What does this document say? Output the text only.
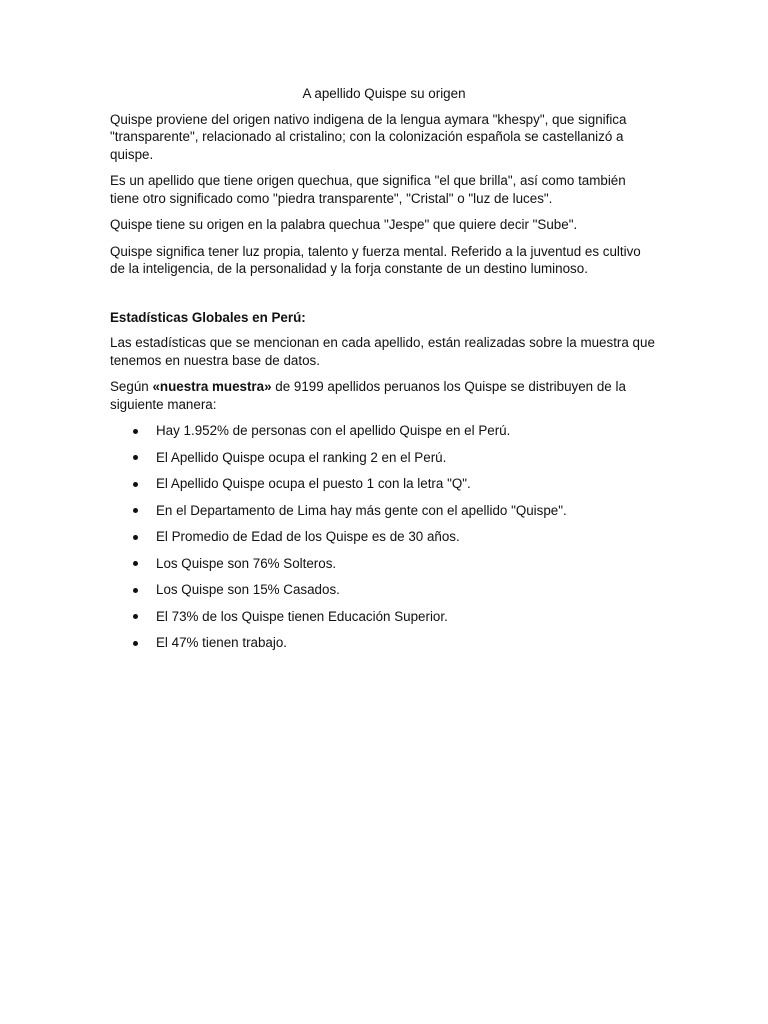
A apellido Quispe su origen

Quispe proviene del origen nativo indigena de la lengua aymara "khespy", que significa "transparente", relacionado al cristalino; con la colonización española se castellanizó a quispe.

Es un apellido que tiene origen quechua, que significa "el que brilla", así como también tiene otro significado como "piedra transparente", "Cristal" o "luz de luces".

Quispe tiene su origen en la palabra quechua "Jespe" que quiere decir "Sube".

Quispe significa tener luz propia, talento y fuerza mental. Referido a la juventud es cultivo de la inteligencia, de la personalidad y la forja constante de un destino luminoso.

Estadísticas Globales en Perú:

Las estadísticas que se mencionan en cada apellido, están realizadas sobre la muestra que tenemos en nuestra base de datos.

Según «nuestra muestra» de 9199 apellidos peruanos los Quispe se distribuyen de la siguiente manera:

Hay 1.952% de personas con el apellido Quispe en el Perú.
El Apellido Quispe ocupa el ranking 2 en el Perú.
El Apellido Quispe ocupa el puesto 1 con la letra "Q".
En el Departamento de Lima hay más gente con el apellido "Quispe".
El Promedio de Edad de los Quispe es de 30 años.
Los Quispe son 76% Solteros.
Los Quispe son 15% Casados.
El 73% de los Quispe tienen Educación Superior.
El 47% tienen trabajo.
